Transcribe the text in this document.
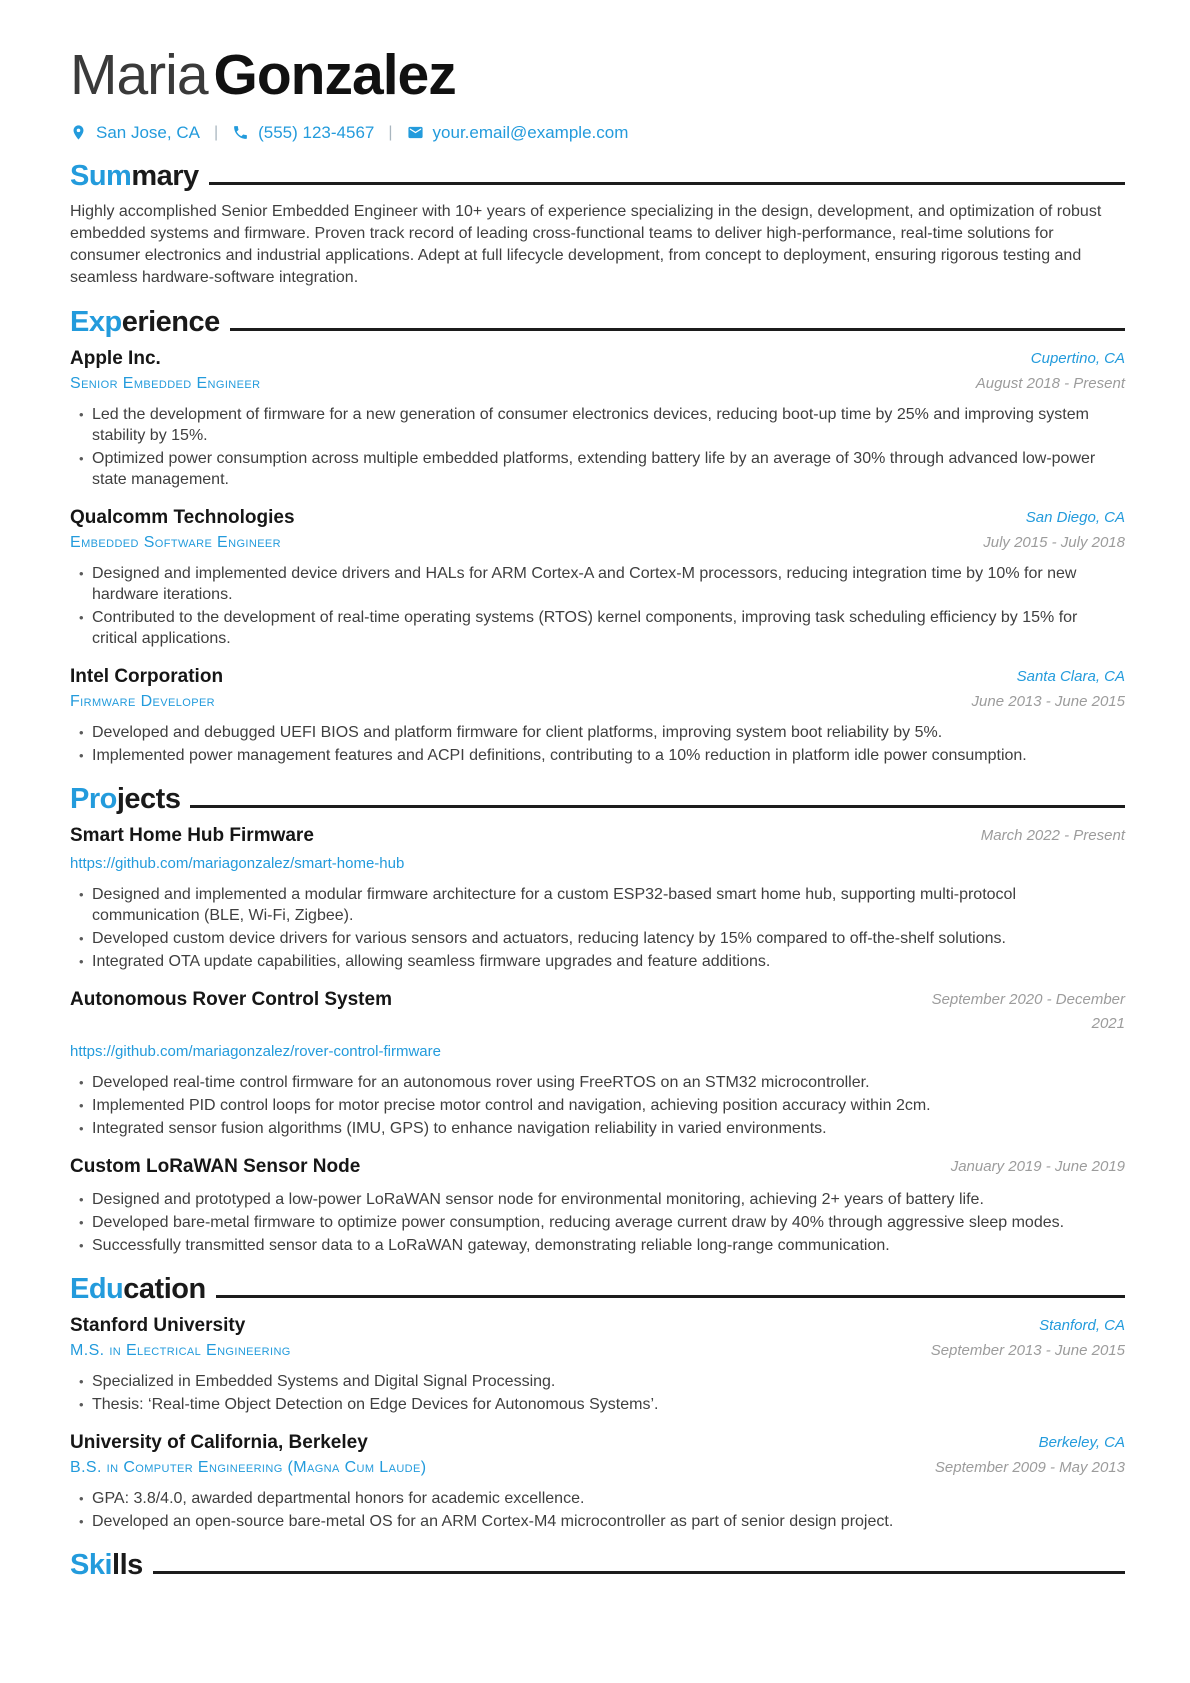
Maria Gonzalez
San Jose, CA | (555) 123-4567 | your.email@example.com
Summary

Highly accomplished Senior Embedded Engineer with 10+ years of experience specializing in the design, development, and optimization of robust embedded systems and firmware. Proven track record of leading cross-functional teams to deliver high-performance, real-time solutions for consumer electronics and industrial applications. Adept at full lifecycle development, from concept to deployment, ensuring rigorous testing and seamless hardware-software integration.

Experience
Apple Inc.
Senior Embedded Engineer
Cupertino, CA
August 2018 - Present
• Led the development of firmware for a new generation of consumer electronics devices, reducing boot-up time by 25% and improving system stability by 15%.
• Optimized power consumption across multiple embedded platforms, extending battery life by an average of 30% through advanced low-power state management.
Qualcomm Technologies
Embedded Software Engineer
San Diego, CA
July 2015 - July 2018
• Designed and implemented device drivers and HALs for ARM Cortex-A and Cortex-M processors, reducing integration time by 10% for new hardware iterations.
• Contributed to the development of real-time operating systems (RTOS) kernel components, improving task scheduling efficiency by 15% for critical applications.
Intel Corporation
Firmware Developer
Santa Clara, CA
June 2013 - June 2015
• Developed and debugged UEFI BIOS and platform firmware for client platforms, improving system boot reliability by 5%.
• Implemented power management features and ACPI definitions, contributing to a 10% reduction in platform idle power consumption.
Projects
Smart Home Hub Firmware	March 2022 - Present
https://github.com/mariagonzalez/smart-home-hub
• Designed and implemented a modular firmware architecture for a custom ESP32-based smart home hub, supporting multi-protocol communication (BLE, Wi-Fi, Zigbee).
• Developed custom device drivers for various sensors and actuators, reducing latency by 15% compared to off-the-shelf solutions.
• Integrated OTA update capabilities, allowing seamless firmware upgrades and feature additions.
Autonomous Rover Control System	September 2020 - December 2021
https://github.com/mariagonzalez/rover-control-firmware
• Developed real-time control firmware for an autonomous rover using FreeRTOS on an STM32 microcontroller.
• Implemented PID control loops for motor precise motor control and navigation, achieving position accuracy within 2cm.
• Integrated sensor fusion algorithms (IMU, GPS) to enhance navigation reliability in varied environments.
Custom LoRaWAN Sensor Node	January 2019 - June 2019
• Designed and prototyped a low-power LoRaWAN sensor node for environmental monitoring, achieving 2+ years of battery life.
• Developed bare-metal firmware to optimize power consumption, reducing average current draw by 40% through aggressive sleep modes.
• Successfully transmitted sensor data to a LoRaWAN gateway, demonstrating reliable long-range communication.
Education
Stanford University
M.S. in Electrical Engineering
Stanford, CA
September 2013 - June 2015
• Specialized in Embedded Systems and Digital Signal Processing.
• Thesis: ‘Real-time Object Detection on Edge Devices for Autonomous Systems’.
University of California, Berkeley
B.S. in Computer Engineering (Magna Cum Laude)
Berkeley, CA
September 2009 - May 2013
• GPA: 3.8/4.0, awarded departmental honors for academic excellence.
• Developed an open-source bare-metal OS for an ARM Cortex-M4 microcontroller as part of senior design project.
Skills
